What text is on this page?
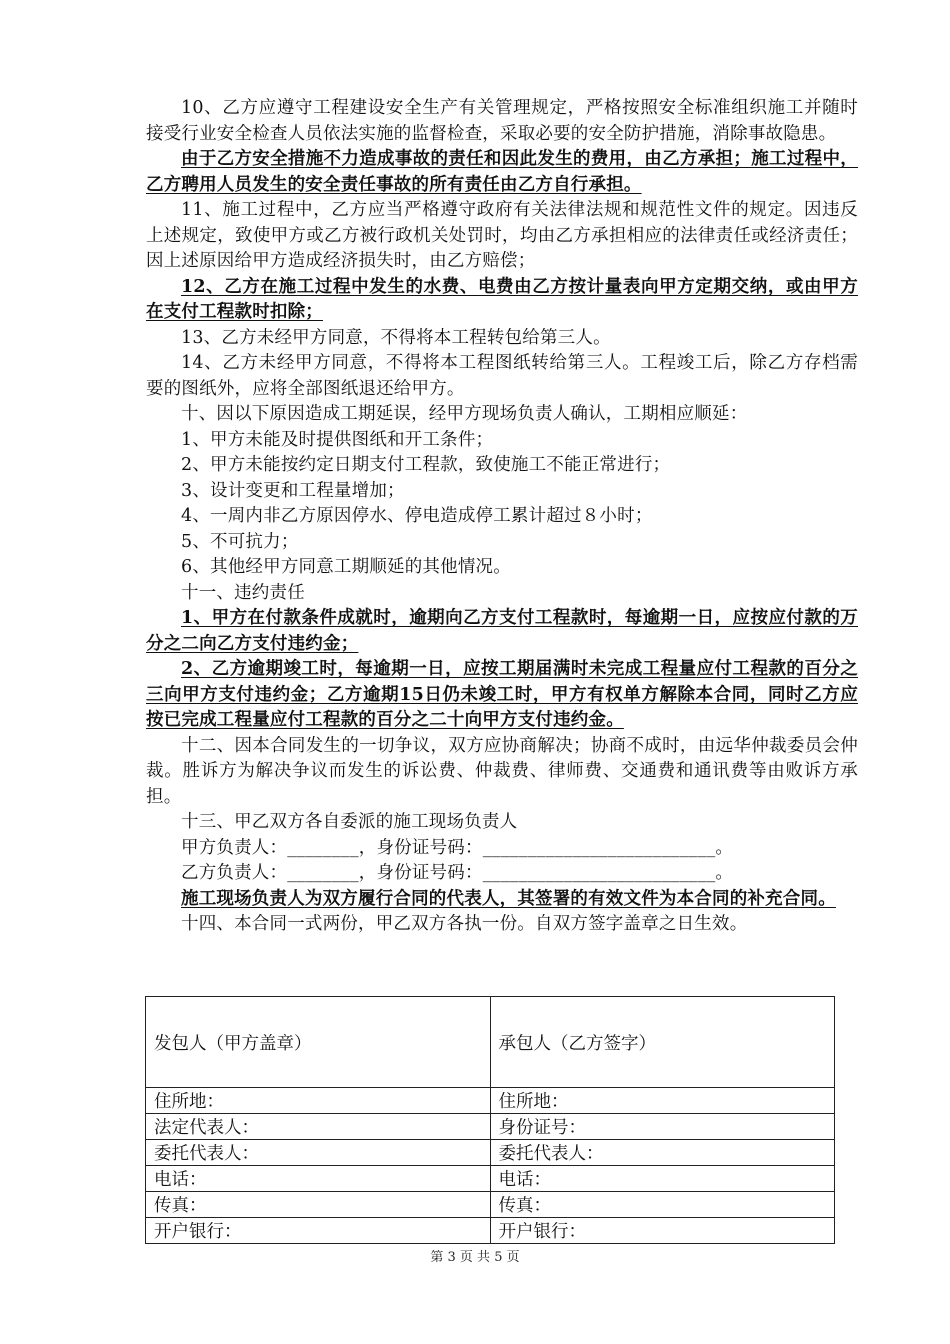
10、乙方应遵守工程建设安全生产有关管理规定，严格按照安全标准组织施工并随时接受行业安全检查人员依法实施的监督检查，采取必要的安全防护措施，消除事故隐患。

由于乙方安全措施不力造成事故的责任和因此发生的费用，由乙方承担；施工过程中，乙方聘用人员发生的安全责任事故的所有责任由乙方自行承担。

11、施工过程中，乙方应当严格遵守政府有关法律法规和规范性文件的规定。因违反上述规定，致使甲方或乙方被行政机关处罚时，均由乙方承担相应的法律责任或经济责任；因上述原因给甲方造成经济损失时，由乙方赔偿；

12、乙方在施工过程中发生的水费、电费由乙方按计量表向甲方定期交纳，或由甲方在支付工程款时扣除；

13、乙方未经甲方同意，不得将本工程转包给第三人。

14、乙方未经甲方同意，不得将本工程图纸转给第三人。工程竣工后，除乙方存档需要的图纸外，应将全部图纸退还给甲方。

十、因以下原因造成工期延误，经甲方现场负责人确认，工期相应顺延：

1、甲方未能及时提供图纸和开工条件；

2、甲方未能按约定日期支付工程款，致使施工不能正常进行；

3、设计变更和工程量增加；

4、一周内非乙方原因停水、停电造成停工累计超过８小时；

5、不可抗力；

6、其他经甲方同意工期顺延的其他情况。

十一、违约责任

1、甲方在付款条件成就时，逾期向乙方支付工程款时，每逾期一日，应按应付款的万分之二向乙方支付违约金；

2、乙方逾期竣工时，每逾期一日，应按工期届满时未完成工程量应付工程款的百分之三向甲方支付违约金；乙方逾期15日仍未竣工时，甲方有权单方解除本合同，同时乙方应按已完成工程量应付工程款的百分之二十向甲方支付违约金。

十二、因本合同发生的一切争议，双方应协商解决；协商不成时，由远华仲裁委员会仲裁。胜诉方为解决争议而发生的诉讼费、仲裁费、律师费、交通费和通讯费等由败诉方承担。

十三、甲乙双方各自委派的施工现场负责人

甲方负责人：________，身份证号码：__________________________。

乙方负责人：________，身份证号码：__________________________。

施工现场负责人为双方履行合同的代表人，其签署的有效文件为本合同的补充合同。

十四、本合同一式两份，甲乙双方各执一份。自双方签字盖章之日生效。

发包人（甲方盖章）	承包人（乙方签字）
住所地：	住所地：
法定代表人：	身份证号：
委托代表人：	委托代表人：
电话：	电话：
传真：	传真：
开户银行：	开户银行：
第 3 页 共 5 页
